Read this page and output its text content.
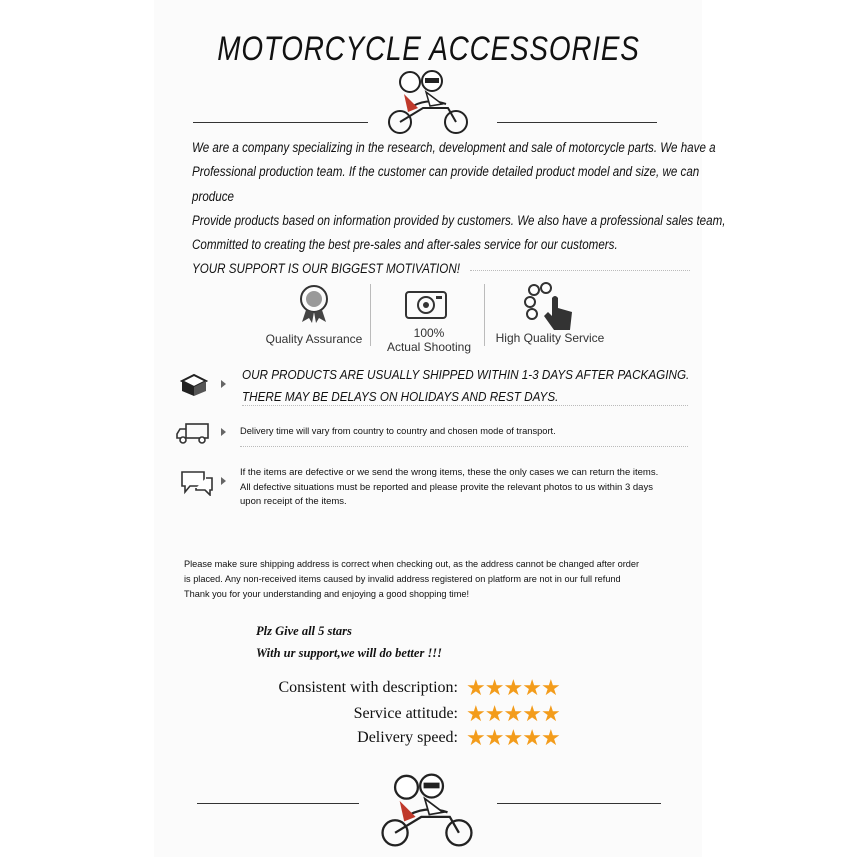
MOTORCYCLE ACCESSORIES

We are a company specializing in the research, development and sale of motorcycle parts. We have a

Professional production team. If the customer can provide detailed product model and size, we can

produce

Provide products based on information provided by customers. We also have a professional sales team,

Committed to creating the best pre-sales and after-sales service for our customers.

YOUR SUPPORT IS OUR BIGGEST MOTIVATION!

Quality Assurance	100%
Actual Shooting
High Quality Service
OUR PRODUCTS ARE USUALLY SHIPPED WITHIN 1-3 DAYS AFTER PACKAGING.
THERE MAY BE DELAYS ON HOLIDAYS AND REST DAYS.
Delivery time will vary from country to country and chosen mode of transport.
If the items are defective or we send the wrong items, these the only cases we can return the items.
All defective situations must be reported and please provite the relevant photos to us within 3 days
upon receipt of the items.
Please make sure shipping address is correct when checking out, as the address cannot be changed after order
is placed. Any non-received items caused by invalid address registered on platform are not in our full refund
Thank you for your understanding and enjoying a good shopping time!
Plz Give all 5 stars
With ur support,we will do better !!!
Consistent with description: ★★★★★
Service attitude: ★★★★★
Delivery speed: ★★★★★
